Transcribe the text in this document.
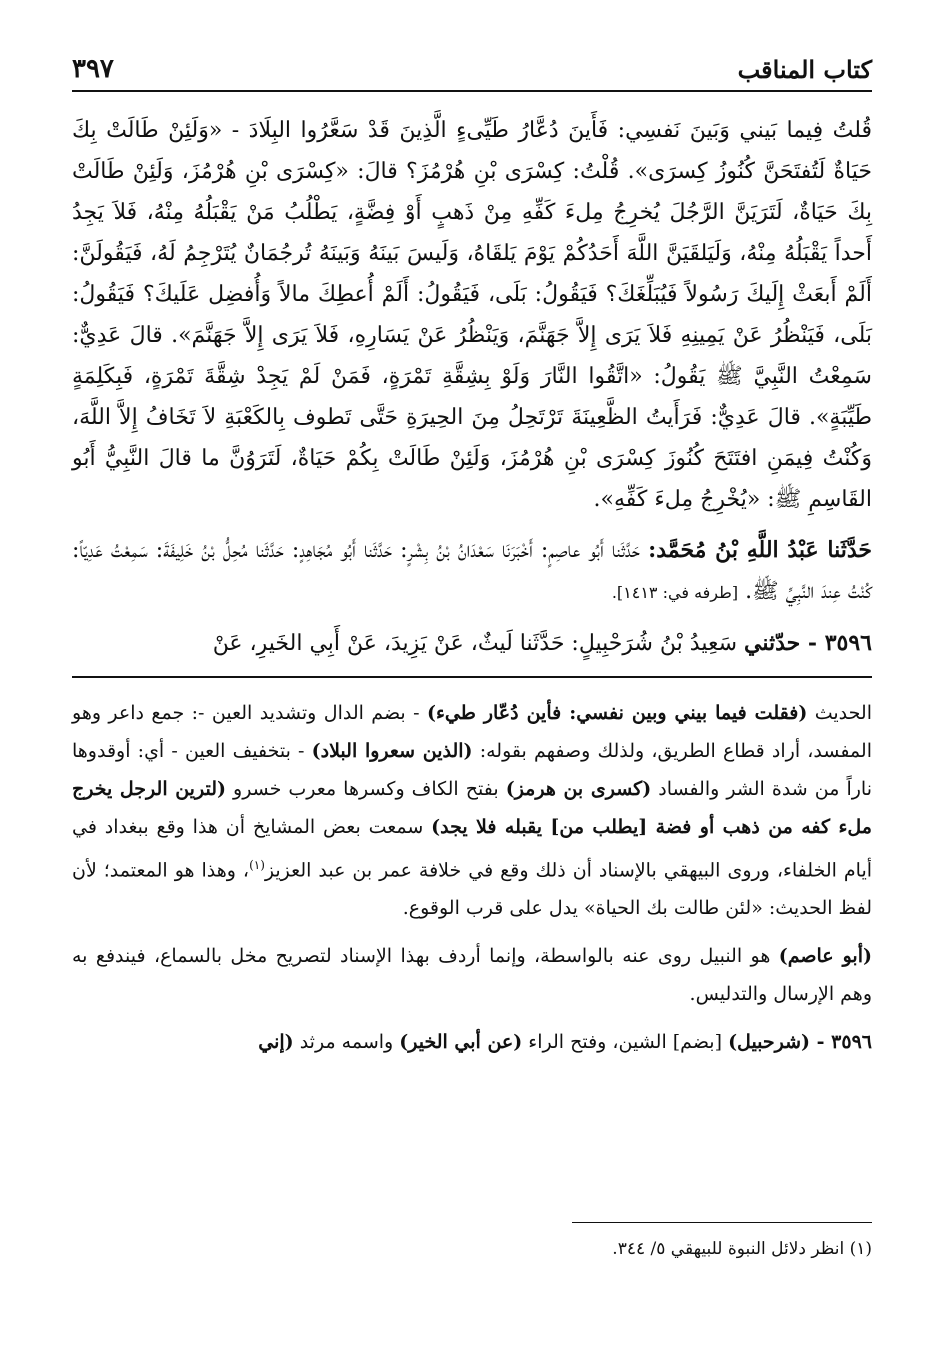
كتاب المناقب
٣٩٧

قُلتُ فِيما بَيني وَبَينَ نَفسِي: فَأَينَ دُعَّارُ طَيِّىءٍ الَّذِينَ قَدْ سَعَّرُوا البِلَادَ - «وَلَئِنْ طَالَتْ بِكَ حَيَاةٌ لَتُفتَحَنَّ كُنُوزُ كِسرَى». قُلْتُ: كِسْرَى بْنِ هُرْمُزَ؟ قالَ: «كِسْرَى بْنِ هُرْمُزَ، وَلَئِنْ طَالَتْ بِكَ حَيَاةٌ، لَتَرَيَنَّ الرَّجُلَ يُخرِجُ مِلءَ كَفِّهِ مِنْ ذَهبٍ أَوْ فِضَّةٍ، يَطْلُبُ مَنْ يَقْبَلُهُ مِنْهُ، فَلاَ يَجِدُ أَحداً يَقْبَلُهُ مِنْهُ، وَلَيَلقَيَنَّ اللَّهَ أَحَدُكُمْ يَوْمَ يَلقَاهُ، وَلَيسَ بَينَهُ وَبَينَهُ تُرجُمَانٌ يُتَرْجِمُ لَهُ، فَيَقُولَنَّ: أَلَمْ أَبعَثْ إِلَيكَ رَسُولاً فَيُبَلِّغَكَ؟ فَيَقُولُ: بَلَى، فَيَقُولُ: أَلَمْ أُعطِكَ مالاً وَأُفضِل عَلَيكَ؟ فَيَقُولُ: بَلَى، فَيَنْظُرُ عَنْ يَمِينِهِ فَلاَ يَرَى إِلاَّ جَهَنَّمَ، وَيَنْظُرُ عَنْ يَسَارِهِ، فَلاَ يَرَى إِلاَّ جَهَنَّمَ». قالَ عَدِيٌّ: سَمِعْتُ النَّبِيَّ ﷺ يَقُولُ: «اتَّقُوا النَّارَ وَلَوْ بِشِقَّةِ تَمْرَةٍ، فَمَنْ لَمْ يَجِدْ شِقَّةَ تَمْرَةٍ، فَبِكَلِمَةٍ طَيِّبَةٍ». قالَ عَدِيٌّ: فَرَأَيتُ الظَّعِينَةَ تَرْتَحِلُ مِنَ الحِيرَةِ حَتَّى تَطوف بِالكَعْبَةِ لاَ تَخَافُ إِلاَّ اللَّهَ، وَكُنْتُ فِيمَنِ افتَتَحَ كُنُوزَ كِسْرَى بْنِ هُرْمُزَ، وَلَئِنْ طَالَتْ بِكُمْ حَيَاةٌ، لَتَرَوُنَّ ما قالَ النَّبِيُّ أَبُو القَاسِمِ ﷺ: «يُخْرِجُ مِلءَ كَفِّهِ».

حَدَّثَنا عَبْدُ اللَّهِ بْنُ مُحَمَّد: حَدَّثَنا أَبُو عاصِمٍ: أَخْبَرَنَا سَعْدَانُ بْنُ بِشْرٍ: حَدَّثَنا أَبُو مُجَاهِدٍ: حَدَّثَنا مُحِلُّ بْنُ خَلِيفَةَ: سَمِعْتُ عَدِيّاً: كُنْتُ عِندَ النَّبِيِّ ﷺ. [طرفه في: ١٤١٣].

٣٥٩٦ - حدّثني سَعِيدُ بْنُ شُرَحْبِيلٍ: حَدَّثَنا لَيثٌ، عَنْ يَزِيدَ، عَنْ أَبِي الخَيرِ، عَنْ

الحديث (فقلت فيما بيني وبين نفسي: فأين دُعّار طيء) - بضم الدال وتشديد العين -: جمع داعر وهو المفسد، أراد قطاع الطريق، ولذلك وصفهم بقوله: (الذين سعروا البلاد) - بتخفيف العين - أي: أوقدوها ناراً من شدة الشر والفساد (كسرى بن هرمز) بفتح الكاف وكسرها معرب خسرو (لترين الرجل يخرج ملء كفه من ذهب أو فضة [يطلب من] يقبله فلا يجد) سمعت بعض المشايخ أن هذا وقع ببغداد في أيام الخلفاء، وروى البيهقي بالإسناد أن ذلك وقع في خلافة عمر بن عبد العزيز$^{(١)}$، وهذا هو المعتمد؛ لأن لفظ الحديث: «لئن طالت بك الحياة» يدل على قرب الوقوع.

(أبو عاصم) هو النبيل روى عنه بالواسطة، وإنما أردف بهذا الإسناد لتصريح مخل بالسماع، فيندفع به وهم الإرسال والتدليس.

٣٥٩٦ - (شرحبيل) [بضم] الشين، وفتح الراء (عن أبي الخير) واسمه مرثد (إني

(١) انظر دلائل النبوة للبيهقي ٥/ ٣٤٤.
